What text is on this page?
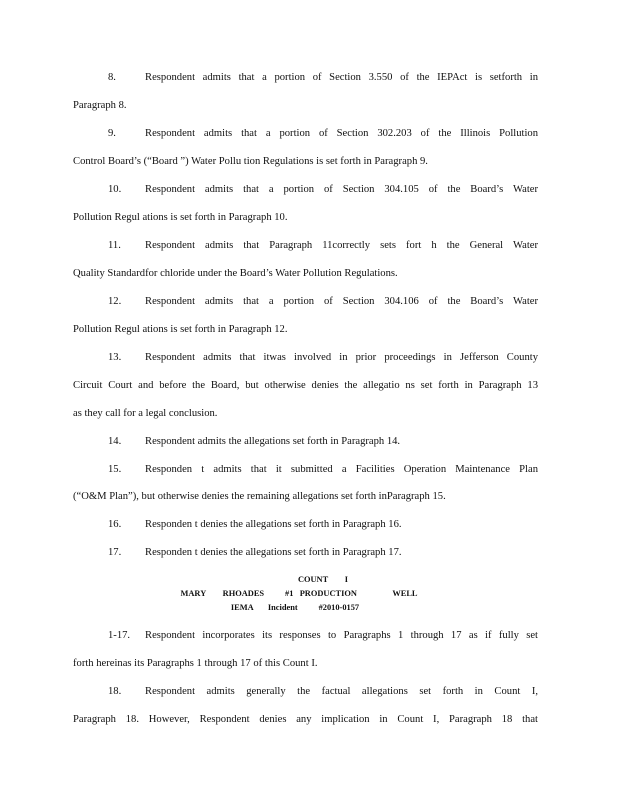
8.	Respondent admits that a portion of Section 3.550 of the IEPAct is setforth in
Paragraph 8.
9.	Respondent admits that a portion of Section 302.203 of the Illinois Pollution
Control Board’s (“Board ”) Water Pollu tion Regulations is set forth in Paragraph 9.
10. Respondent admits that a portion of Section 304.105 of the Board’s Water
Pollution Regul ations is set forth in Paragraph 10.
11. Respondent admits that Paragraph 11correctly sets fort h the General Water
Quality Standardfor chloride under the Board’s Water Pollution Regulations.
12. Respondent admits that a portion of Section 304.106 of the Board’s Water
Pollution Regul ations is set forth in Paragraph 12.
13. Respondent admits that itwas involved in prior proceedings in Jefferson County
Circuit Court and before the Board, but otherwise denies the allegatio ns set forth in Paragraph 13
as they call for a legal conclusion.
14. Respondent admits the allegations set forth in Paragraph 14.
15. Responden t admits that it submitted a Facilities Operation Maintenance Plan
(“O&M Plan”), but otherwise denies the remaining allegations set forth inParagraph 15.
16. Responden t denies the allegations set forth in Paragraph 16.
17. Responden t denies the allegations set forth in Paragraph 17.
COUNT        I
MARY        RHOADES          #1   PRODUCTION                 WELL
IEMA       Incident          #2010-0157
1-17. Respondent incorporates its responses to Paragraphs 1 through 17 as if fully set
forth hereinas its Paragraphs 1 through 17 of this Count I.
18. Respondent admits generally the factual allegations set forth in Count I,
Paragraph 18. However, Respondent denies any implication in Count I, Paragraph 18 that
